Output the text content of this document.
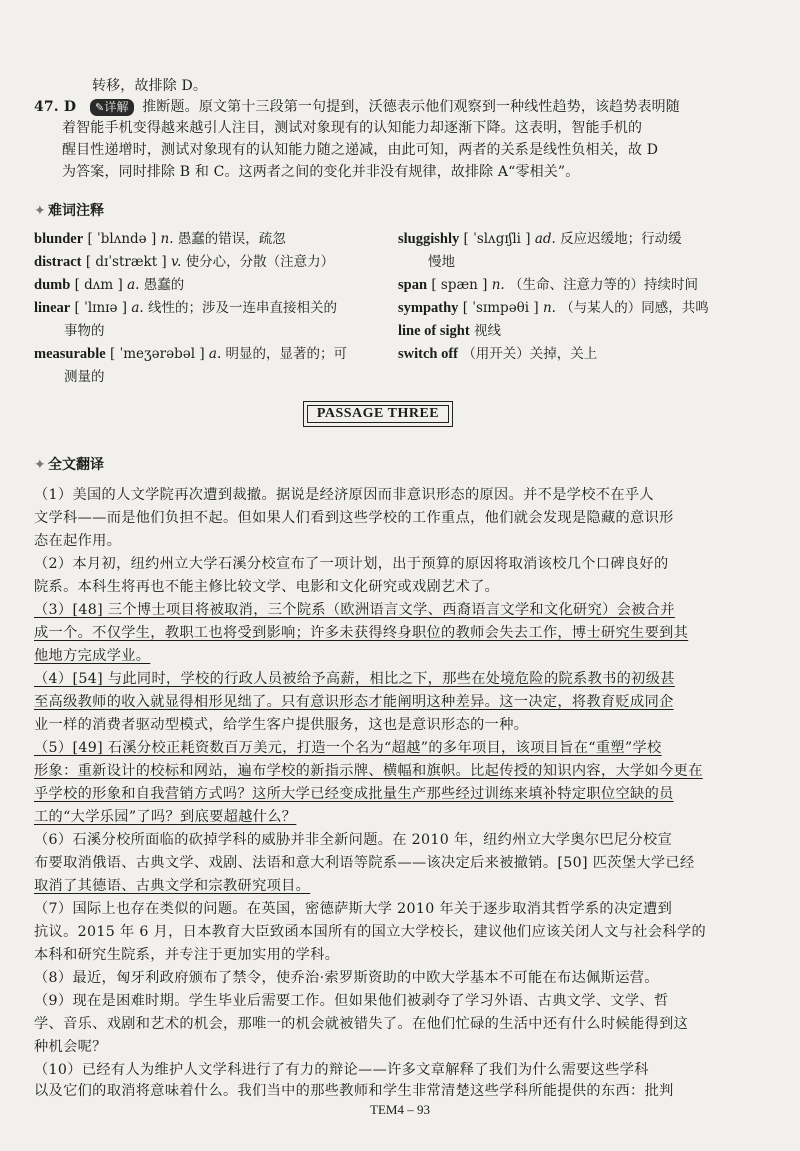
转移，故排除 D。
47. D ✎详解 推断题。原文第十三段第一句提到，沃德表示他们观察到一种线性趋势，该趋势表明随
着智能手机变得越来越引人注目，测试对象现有的认知能力却逐渐下降。这表明，智能手机的
醒目性递增时，测试对象现有的认知能力随之递减，由此可知，两者的关系是线性负相关，故 D
为答案，同时排除 B 和 C。这两者之间的变化并非没有规律，故排除 A“零相关”。
✦ 难词注释
blunder [ ˈblʌndə ] n. 愚蠢的错误，疏忽
distract [ dɪˈstrækt ] v. 使分心，分散（注意力）
dumb [ dʌm ] a. 愚蠢的
linear [ ˈlɪnɪə ] a. 线性的；涉及一连串直接相关的
事物的
measurable [ ˈmeʒərəbəl ] a. 明显的，显著的；可
测量的
sluggishly [ ˈslʌgɪʃli ] ad. 反应迟缓地；行动缓
慢地
span [ spæn ] n. （生命、注意力等的）持续时间
sympathy [ ˈsɪmpəθi ] n. （与某人的）同感，共鸣
line of sight 视线
switch off （用开关）关掉，关上
PASSAGE THREE
✦ 全文翻译
（1）美国的人文学院再次遭到裁撤。据说是经济原因而非意识形态的原因。并不是学校不在乎人
文学科——而是他们负担不起。但如果人们看到这些学校的工作重点，他们就会发现是隐藏的意识形
态在起作用。
（2）本月初，纽约州立大学石溪分校宣布了一项计划，出于预算的原因将取消该校几个口碑良好的
院系。本科生将再也不能主修比较文学、电影和文化研究或戏剧艺术了。
（3）[48] 三个博士项目将被取消，三个院系（欧洲语言文学、西裔语言文学和文化研究）会被合并
成一个。不仅学生，教职工也将受到影响；许多未获得终身职位的教师会失去工作，博士研究生要到其
他地方完成学业。
（4）[54] 与此同时，学校的行政人员被给予高薪，相比之下，那些在处境危险的院系教书的初级甚
至高级教师的收入就显得相形见绌了。只有意识形态才能阐明这种差异。这一决定，将教育贬成同企
业一样的消费者驱动型模式，给学生客户提供服务，这也是意识形态的一种。
（5）[49] 石溪分校正耗资数百万美元，打造一个名为“超越”的多年项目，该项目旨在“重塑”学校
形象：重新设计的校标和网站，遍布学校的新指示牌、横幅和旗帜。比起传授的知识内容，大学如今更在
乎学校的形象和自我营销方式吗？这所大学已经变成批量生产那些经过训练来填补特定职位空缺的员
工的“大学乐园”了吗？到底要超越什么？
（6）石溪分校所面临的砍掉学科的威胁并非全新问题。在 2010 年，纽约州立大学奥尔巴尼分校宣
布要取消俄语、古典文学、戏剧、法语和意大利语等院系——该决定后来被撤销。[50] 匹茨堡大学已经
取消了其德语、古典文学和宗教研究项目。
（7）国际上也存在类似的问题。在英国，密德萨斯大学 2010 年关于逐步取消其哲学系的决定遭到
抗议。2015 年 6 月，日本教育大臣致函本国所有的国立大学校长，建议他们应该关闭人文与社会科学的
本科和研究生院系，并专注于更加实用的学科。
（8）最近，匈牙利政府颁布了禁令，使乔治·索罗斯资助的中欧大学基本不可能在布达佩斯运营。
（9）现在是困难时期。学生毕业后需要工作。但如果他们被剥夺了学习外语、古典文学、文学、哲
学、音乐、戏剧和艺术的机会，那唯一的机会就被错失了。在他们忙碌的生活中还有什么时候能得到这
种机会呢？
（10）已经有人为维护人文学科进行了有力的辩论——许多文章解释了我们为什么需要这些学科
以及它们的取消将意味着什么。我们当中的那些教师和学生非常清楚这些学科所能提供的东西：批判
TEM4 – 93
